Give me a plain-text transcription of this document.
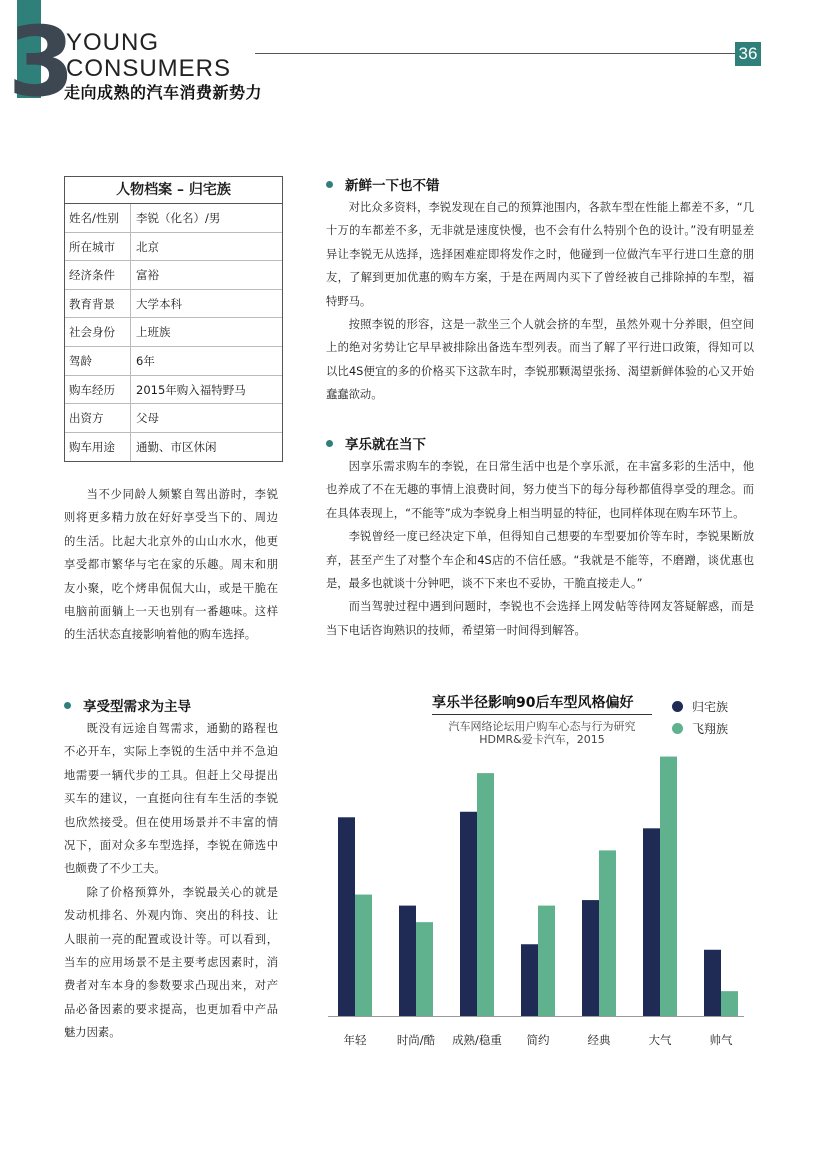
3
YOUNG
CONSUMERS
走向成熟的汽车消费新势力
36
人物档案 – 归宅族
姓名/性别	李锐（化名）/男
所在城市	北京
经济条件	富裕
教育背景	大学本科
社会身份	上班族
驾龄	6年
购车经历	2015年购入福特野马
出资方	父母
购车用途	通勤、市区休闲

当不少同龄人频繁自驾出游时，李锐则将更多精力放在好好享受当下的、周边的生活。比起大北京外的山山水水，他更享受都市繁华与宅在家的乐趣。周末和朋友小聚，吃个烤串侃侃大山，或是干脆在电脑前面躺上一天也别有一番趣味。这样的生活状态直接影响着他的购车选择。

享受型需求为主导

既没有远途自驾需求，通勤的路程也不必开车，实际上李锐的生活中并不急迫地需要一辆代步的工具。但赶上父母提出买车的建议，一直挺向往有车生活的李锐也欣然接受。但在使用场景并不丰富的情况下，面对众多车型选择，李锐在筛选中也颇费了不少工夫。

除了价格预算外，李锐最关心的就是发动机排名、外观内饰、突出的科技、让人眼前一亮的配置或设计等。可以看到，当车的应用场景不是主要考虑因素时，消费者对车本身的参数要求凸现出来，对产品必备因素的要求提高，也更加看中产品魅力因素。

新鲜一下也不错

对比众多资料，李锐发现在自己的预算池围内，各款车型在性能上都差不多，“几十万的车都差不多，无非就是速度快慢，也不会有什么特别个色的设计。”没有明显差异让李锐无从选择，选择困难症即将发作之时，他碰到一位做汽车平行进口生意的朋友，了解到更加优惠的购车方案，于是在两周内买下了曾经被自己排除掉的车型，福特野马。

按照李锐的形容，这是一款坐三个人就会挤的车型，虽然外观十分养眼，但空间上的绝对劣势让它早早被排除出备选车型列表。而当了解了平行进口政策，得知可以以比4S便宜的多的价格买下这款车时，李锐那颗渴望张扬、渴望新鲜体验的心又开始蠢蠢欲动。

享乐就在当下

因享乐需求购车的李锐，在日常生活中也是个享乐派，在丰富多彩的生活中，他也养成了不在无趣的事情上浪费时间，努力使当下的每分每秒都值得享受的理念。而在具体表现上，“不能等”成为李锐身上相当明显的特征，也同样体现在购车环节上。

李锐曾经一度已经决定下单，但得知自己想要的车型要加价等车时，李锐果断放弃，甚至产生了对整个车企和4S店的不信任感。“我就是不能等，不磨蹭，谈优惠也是，最多也就谈十分钟吧，谈不下来也不妥协，干脆直接走人。”

而当驾驶过程中遇到问题时，李锐也不会选择上网发帖等待网友答疑解惑，而是当下电话咨询熟识的技师，希望第一时间得到解答。

享乐半径影响90后车型风格偏好
汽车网络论坛用户购车心态与行为研究
HDMR&爱卡汽车，2015
归宅族
飞翔族
年轻	时尚/酷 成熟/稳重 简约	经典	大气	帅气
